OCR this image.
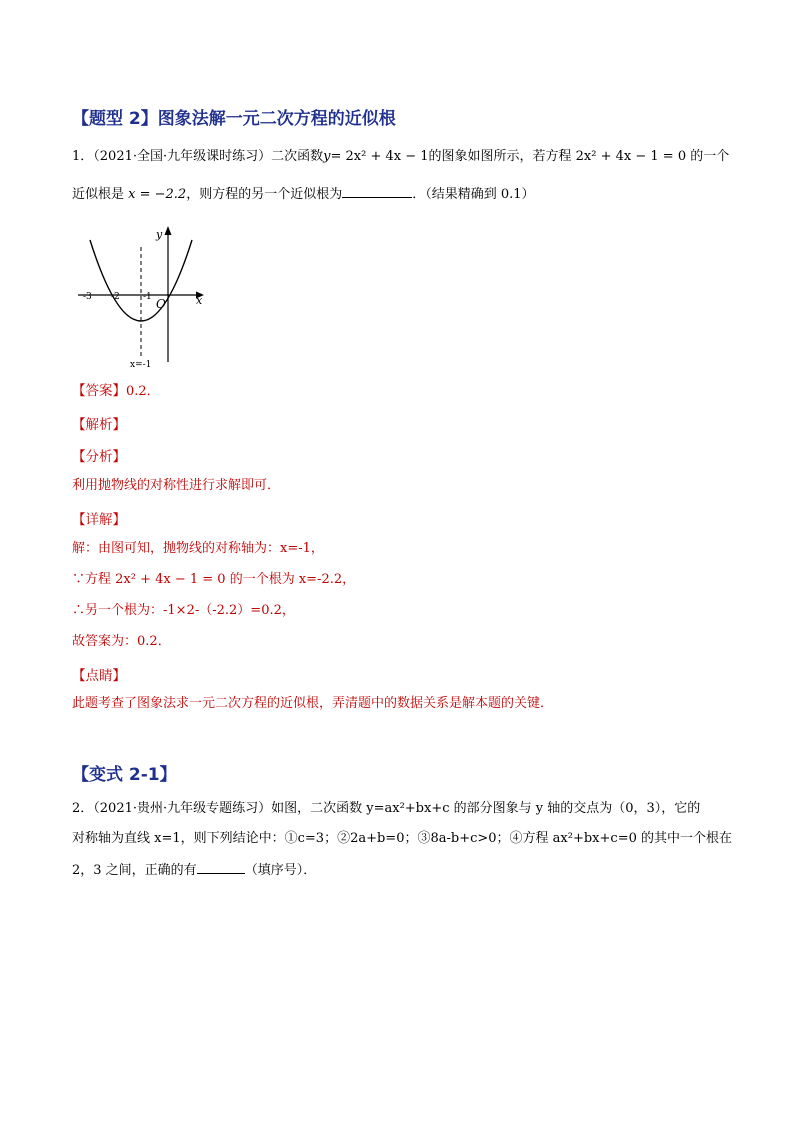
【题型 2】图象法解一元二次方程的近似根
1．（2021·全国·九年级课时练习）二次函数y= 2x² + 4x − 1的图象如图所示，若方程 2x² + 4x − 1 = 0 的一个
近似根是 x = −2.2，则方程的另一个近似根为	．（结果精确到 0.1）
y
x
O
-3 -2	-1
x=-1
【答案】0.2．
【解析】
【分析】
利用抛物线的对称性进行求解即可．
【详解】
解：由图可知，抛物线的对称轴为：x=-1，
∵方程 2x² + 4x − 1 = 0 的一个根为 x=-2.2，
∴另一个根为：-1×2-（-2.2）=0.2，
故答案为：0.2．
【点睛】
此题考查了图象法求一元二次方程的近似根，弄清题中的数据关系是解本题的关键．
【变式 2-1】
2．（2021·贵州·九年级专题练习）如图，二次函数 y=ax²+bx+c 的部分图象与 y 轴的交点为（0，3），它的
对称轴为直线 x=1，则下列结论中：①c=3；②2a+b=0；③8a-b+c>0；④方程 ax²+bx+c=0 的其中一个根在
2，3 之间，正确的有	（填序号）．
